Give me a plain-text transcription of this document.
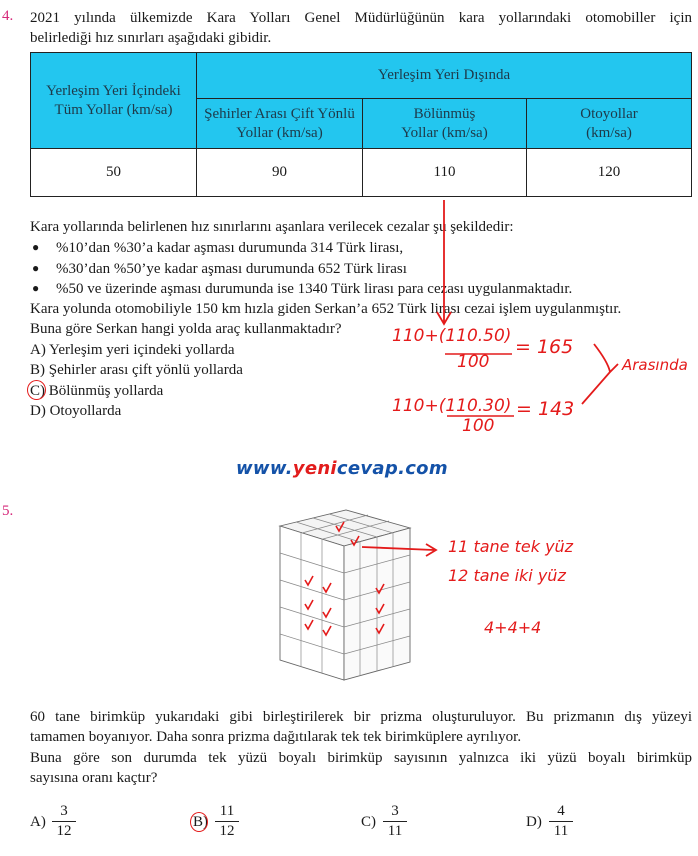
4. 2021 yılında ülkemizde Kara Yolları Genel Müdürlüğünün kara yollarındaki otomobiller için
belirlediği hız sınırları aşağıdaki gibidir.
Yerleşim Yeri İçindeki Tüm Yollar (km/sa)	Yerleşim Yeri Dışında		
	Şehirler Arası Çift Yönlü Yollar (km/sa)	Bölünmüş Yollar (km/sa)	Otoyollar (km/sa)
50	90	110	120
Kara yollarında belirlenen hız sınırlarını aşanlara verilecek cezalar şu şekildedir:
● %10’dan %30’a kadar aşması durumunda 314 Türk lirası,
● %30’dan %50’ye kadar aşması durumunda 652 Türk lirası
● %50 ve üzerinde aşması durumunda ise 1340 Türk lirası para cezası uygulanmaktadır.
Kara yolunda otomobiliyle 150 km hızla giden Serkan’a 652 Türk lirası cezai işlem uygulanmıştır.
Buna göre Serkan hangi yolda araç kullanmaktadır?
A) Yerleşim yeri içindeki yollarda
B) Şehirler arası çift yönlü yollarda
C) Bölünmüş yollarda
D) Otoyollarda
110+(110.50)
100
= 165
110+(110.30)
100
= 143
Arasında
www.yenicevap.com
5.
11 tane tek yüz
12 tane iki yüz
4+4+4
60 tane birimküp yukarıdaki gibi birleştirilerek bir prizma oluşturuluyor. Bu prizmanın dış yüzeyi
tamamen boyanıyor. Daha sonra prizma dağıtılarak tek tek birimküplere ayrılıyor.
Buna göre son durumda tek yüzü boyalı birimküp sayısının yalnızca iki yüzü boyalı birimküp
sayısına oranı kaçtır?
A)
3
12
B)
11
12
C)
3
11
D)
4
11
